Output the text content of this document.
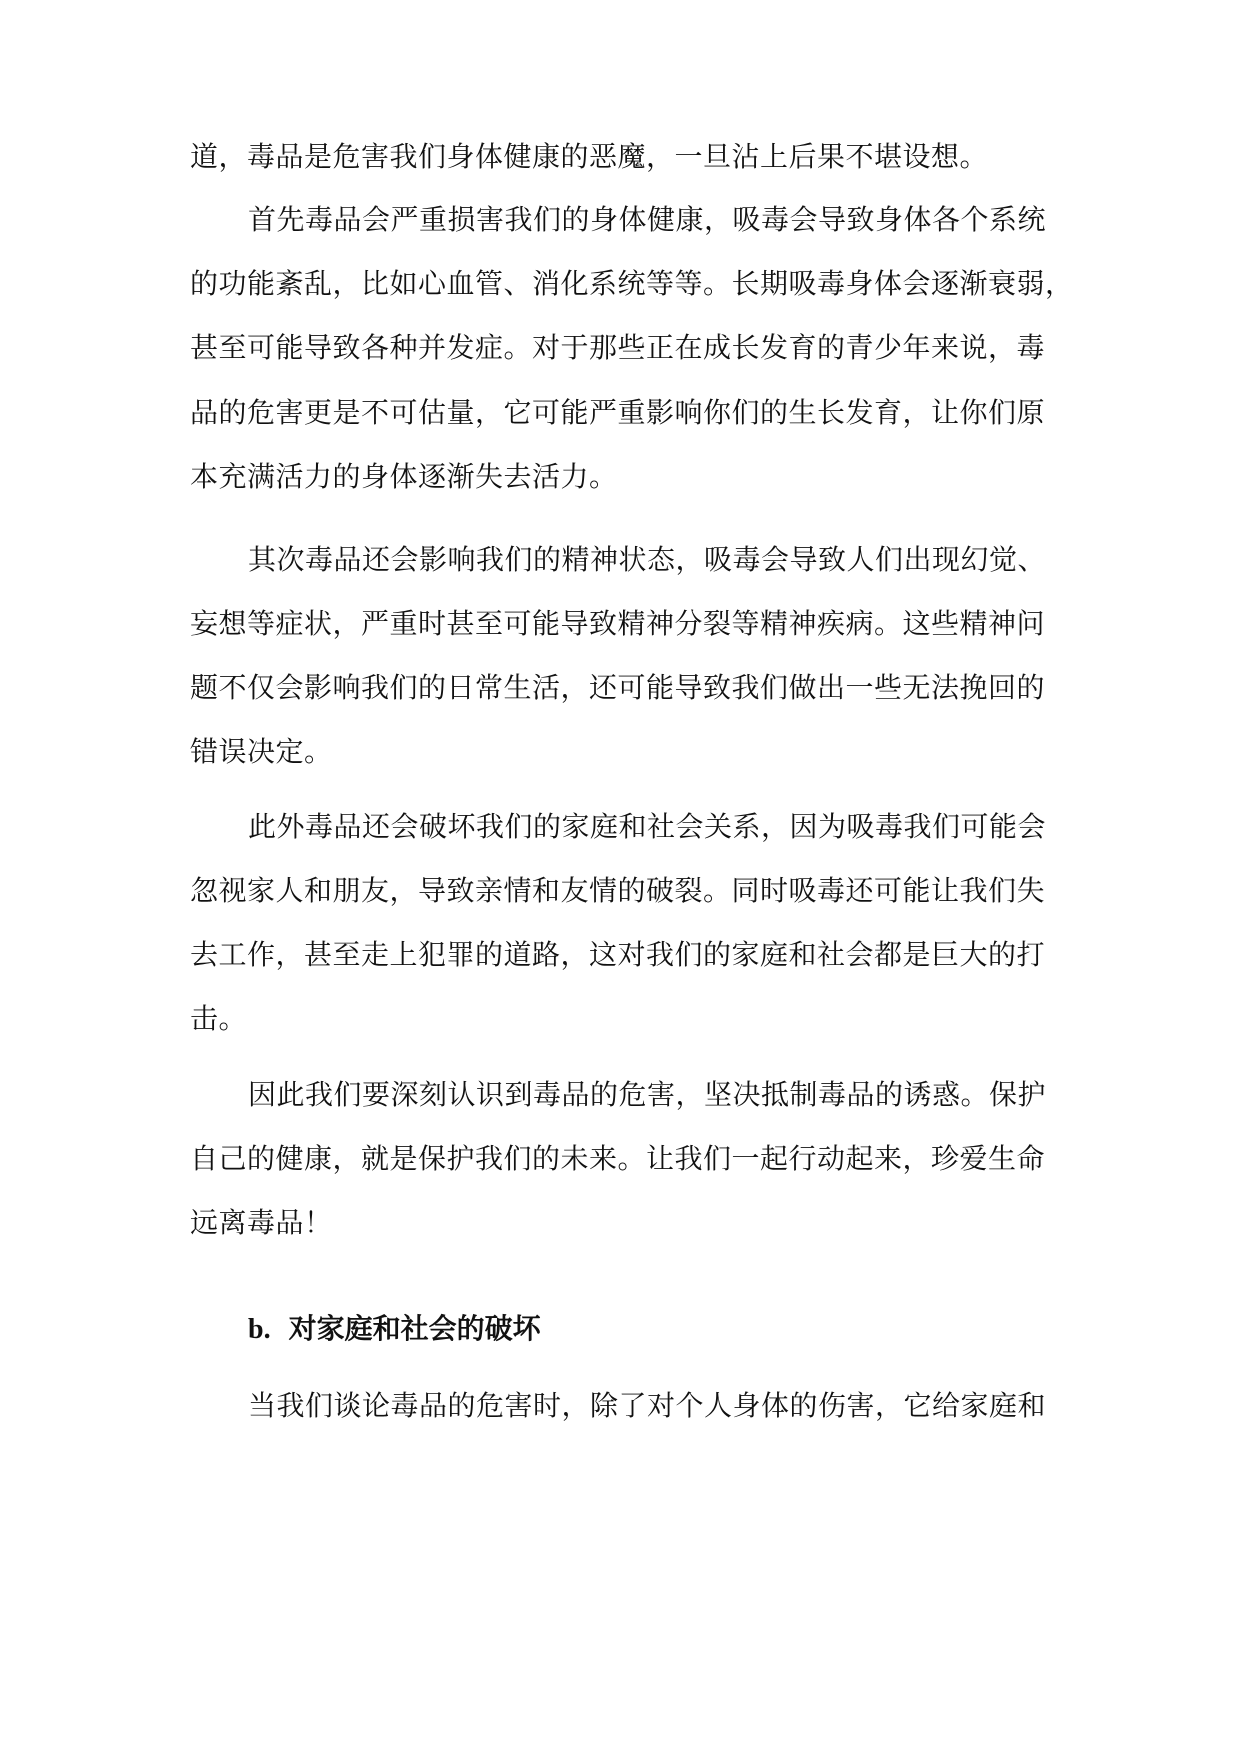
道，毒品是危害我们身体健康的恶魔，一旦沾上后果不堪设想。
首先毒品会严重损害我们的身体健康，吸毒会导致身体各个系统
的功能紊乱，比如心血管、消化系统等等。长期吸毒身体会逐渐衰弱，
甚至可能导致各种并发症。对于那些正在成长发育的青少年来说，毒
品的危害更是不可估量，它可能严重影响你们的生长发育，让你们原
本充满活力的身体逐渐失去活力。
其次毒品还会影响我们的精神状态，吸毒会导致人们出现幻觉、
妄想等症状，严重时甚至可能导致精神分裂等精神疾病。这些精神问
题不仅会影响我们的日常生活，还可能导致我们做出一些无法挽回的
错误决定。
此外毒品还会破坏我们的家庭和社会关系，因为吸毒我们可能会
忽视家人和朋友，导致亲情和友情的破裂。同时吸毒还可能让我们失
去工作，甚至走上犯罪的道路，这对我们的家庭和社会都是巨大的打
击。
因此我们要深刻认识到毒品的危害，坚决抵制毒品的诱惑。保护
自己的健康，就是保护我们的未来。让我们一起行动起来，珍爱生命
远离毒品！
b. 对家庭和社会的破坏
当我们谈论毒品的危害时，除了对个人身体的伤害，它给家庭和
